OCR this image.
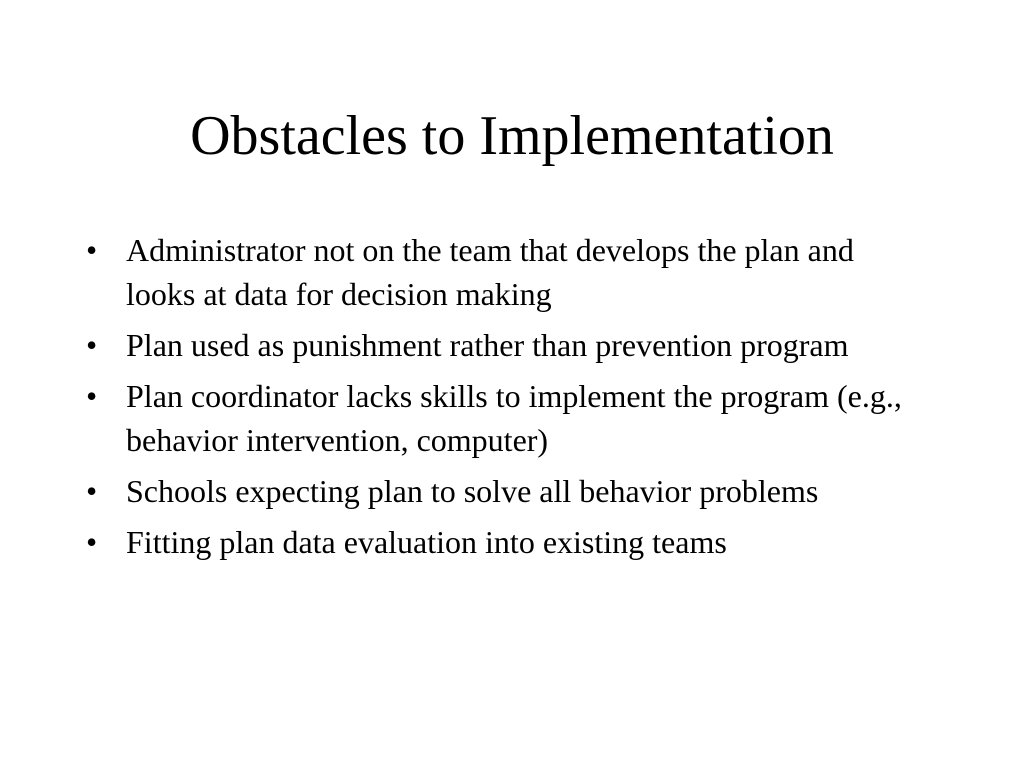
Obstacles to Implementation
• Administrator not on the team that develops the plan and looks at data for decision making
• Plan used as punishment rather than prevention program
• Plan coordinator lacks skills to implement the program (e.g., behavior intervention, computer)
• Schools expecting plan to solve all behavior problems
• Fitting plan data evaluation into existing teams
